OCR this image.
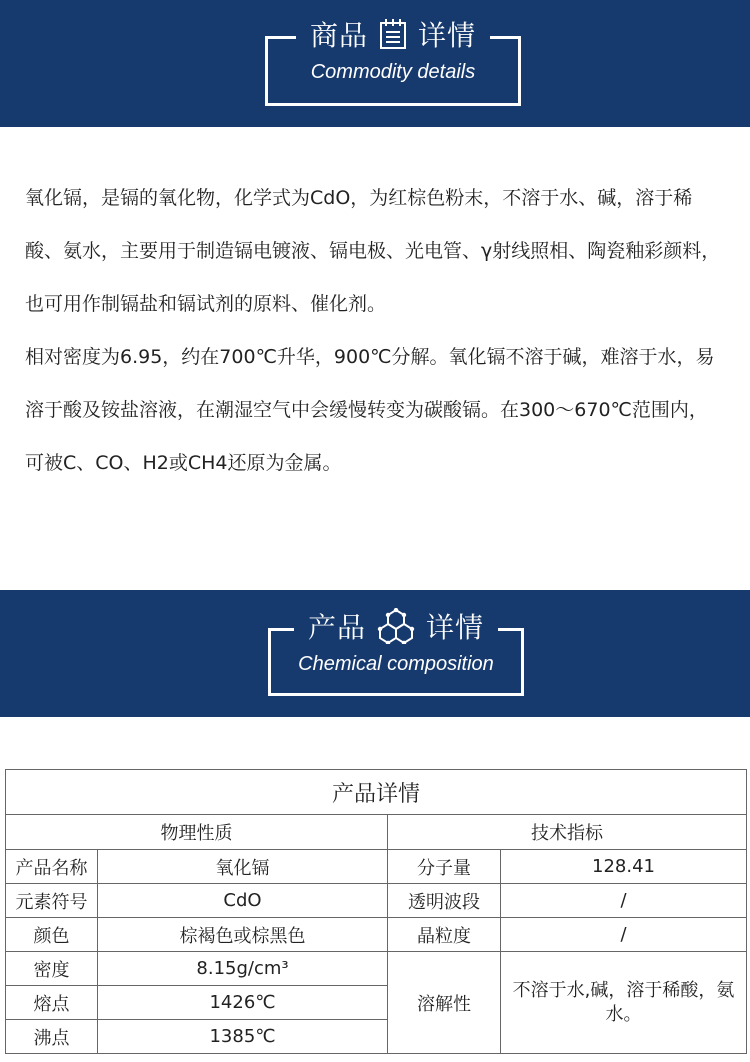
商品 详情
Commodity details

氧化镉，是镉的氧化物，化学式为CdO，为红棕色粉末，不溶于水、碱，溶于稀酸、氨水，主要用于制造镉电镀液、镉电极、光电管、γ射线照相、陶瓷釉彩颜料，也可用作制镉盐和镉试剂的原料、催化剂。

相对密度为6.95，约在700℃升华，900℃分解。氧化镉不溶于碱，难溶于水，易溶于酸及铵盐溶液，在潮湿空气中会缓慢转变为碳酸镉。在300～670℃范围内，可被C、CO、H2或CH4还原为金属。

产品 详情
Chemical composition
产品详情			
物理性质		技术指标	
产品名称	氧化镉	分子量	128.41
元素符号	CdO	透明波段	/
颜色	棕褐色或棕黑色	晶粒度	/
密度	8.15g/cm³	溶解性	不溶于水,碱，溶于稀酸，氨水。
熔点	1426℃		
沸点	1385℃		
